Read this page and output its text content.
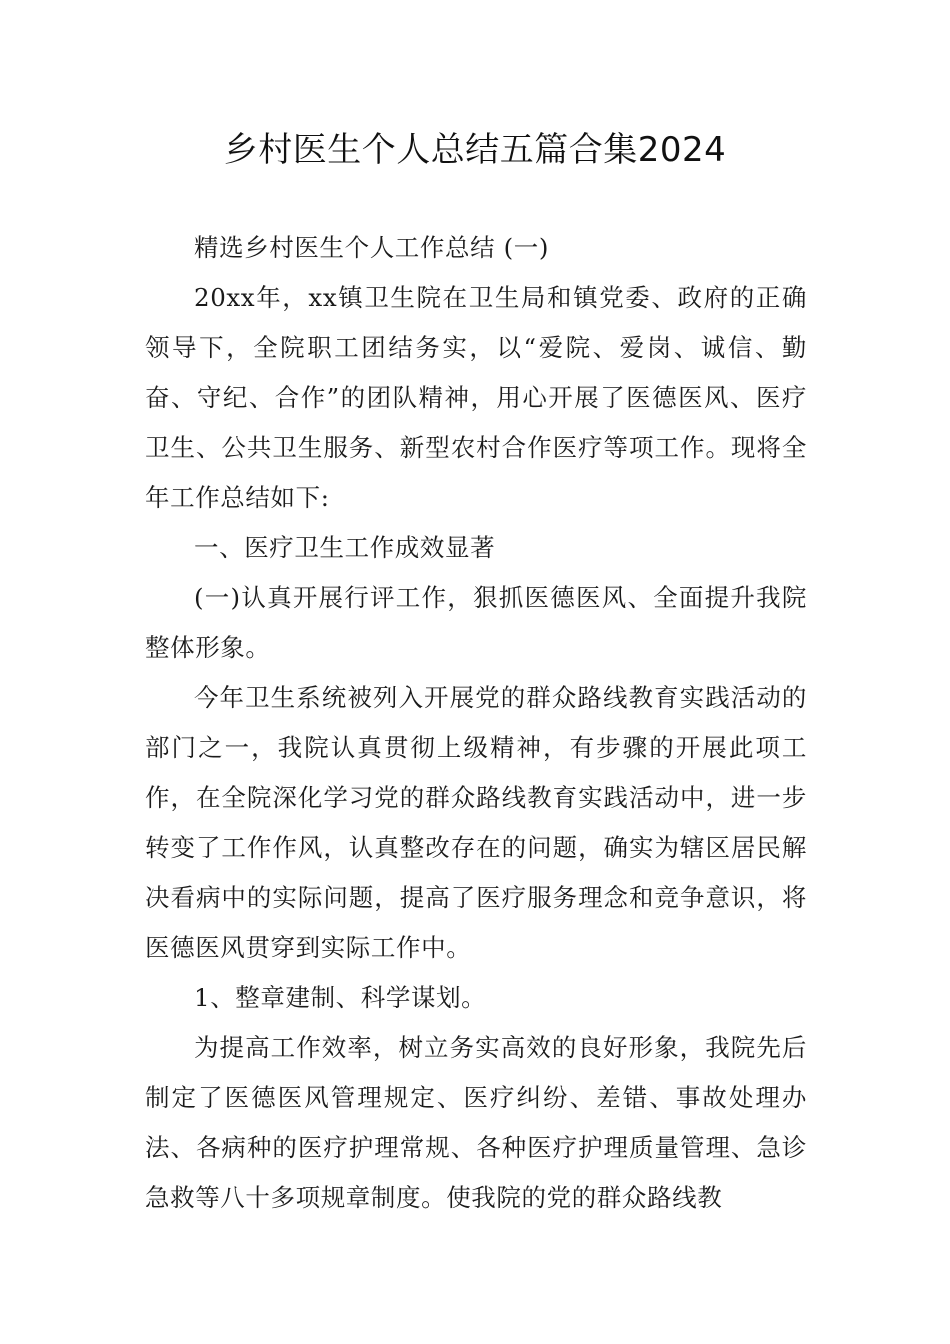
乡村医生个人总结五篇合集2024

精选乡村医生个人工作总结 (一)

20xx年，xx镇卫生院在卫生局和镇党委、政府的正确领导下，全院职工团结务实，以“爱院、爱岗、诚信、勤奋、守纪、合作”的团队精神，用心开展了医德医风、医疗卫生、公共卫生服务、新型农村合作医疗等项工作。现将全年工作总结如下:

一、医疗卫生工作成效显著

(一)认真开展行评工作，狠抓医德医风、全面提升我院整体形象。

今年卫生系统被列入开展党的群众路线教育实践活动的部门之一，我院认真贯彻上级精神，有步骤的开展此项工作，在全院深化学习党的群众路线教育实践活动中，进一步转变了工作作风，认真整改存在的问题，确实为辖区居民解决看病中的实际问题，提高了医疗服务理念和竞争意识，将医德医风贯穿到实际工作中。

1、整章建制、科学谋划。

为提高工作效率，树立务实高效的良好形象，我院先后制定了医德医风管理规定、医疗纠纷、差错、事故处理办法、各病种的医疗护理常规、各种医疗护理质量管理、急诊急救等八十多项规章制度。使我院的党的群众路线教
